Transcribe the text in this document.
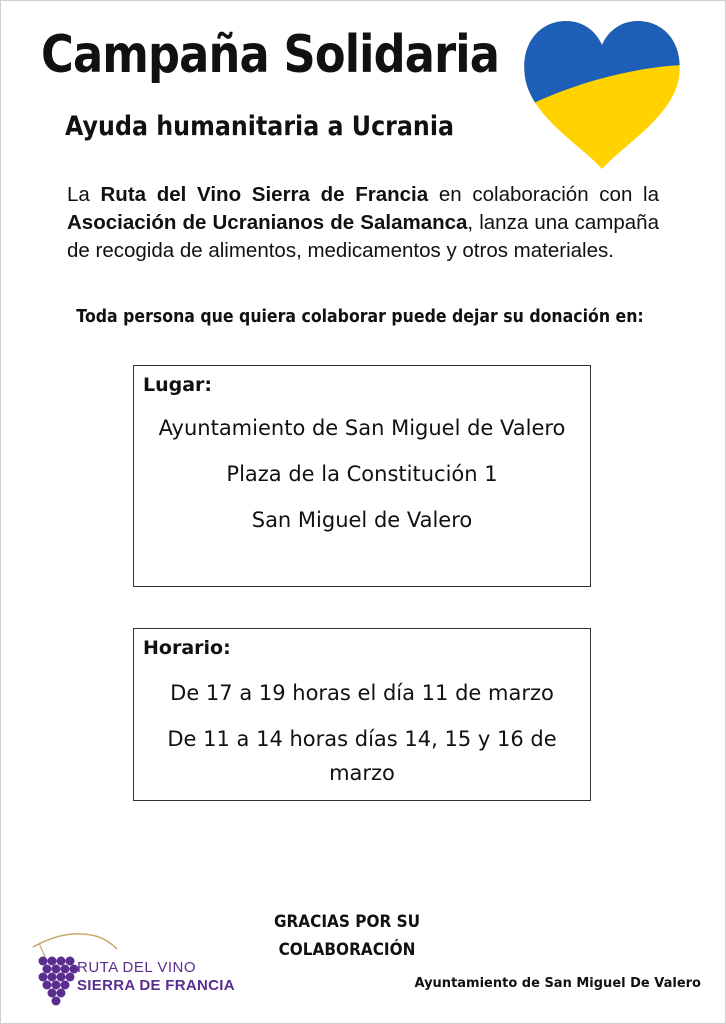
Campaña Solidaria
Ayuda humanitaria a Ucrania
La Ruta del Vino Sierra de Francia en colaboración con la Asociación de Ucranianos de Salamanca, lanza una campaña de recogida de alimentos, medicamentos y otros materiales.
Toda persona que quiera colaborar puede dejar su donación en:
Lugar:
Ayuntamiento de San Miguel de Valero
Plaza de la Constitución 1
San Miguel de Valero
Horario:
De 17 a 19 horas el día 11 de marzo
De 11 a 14 horas días 14, 15 y 16 de
marzo
GRACIAS POR SU
COLABORACIÓN
RUTA DEL VINO
SIERRA DE FRANCIA	Ayuntamiento de San Miguel De Valero
